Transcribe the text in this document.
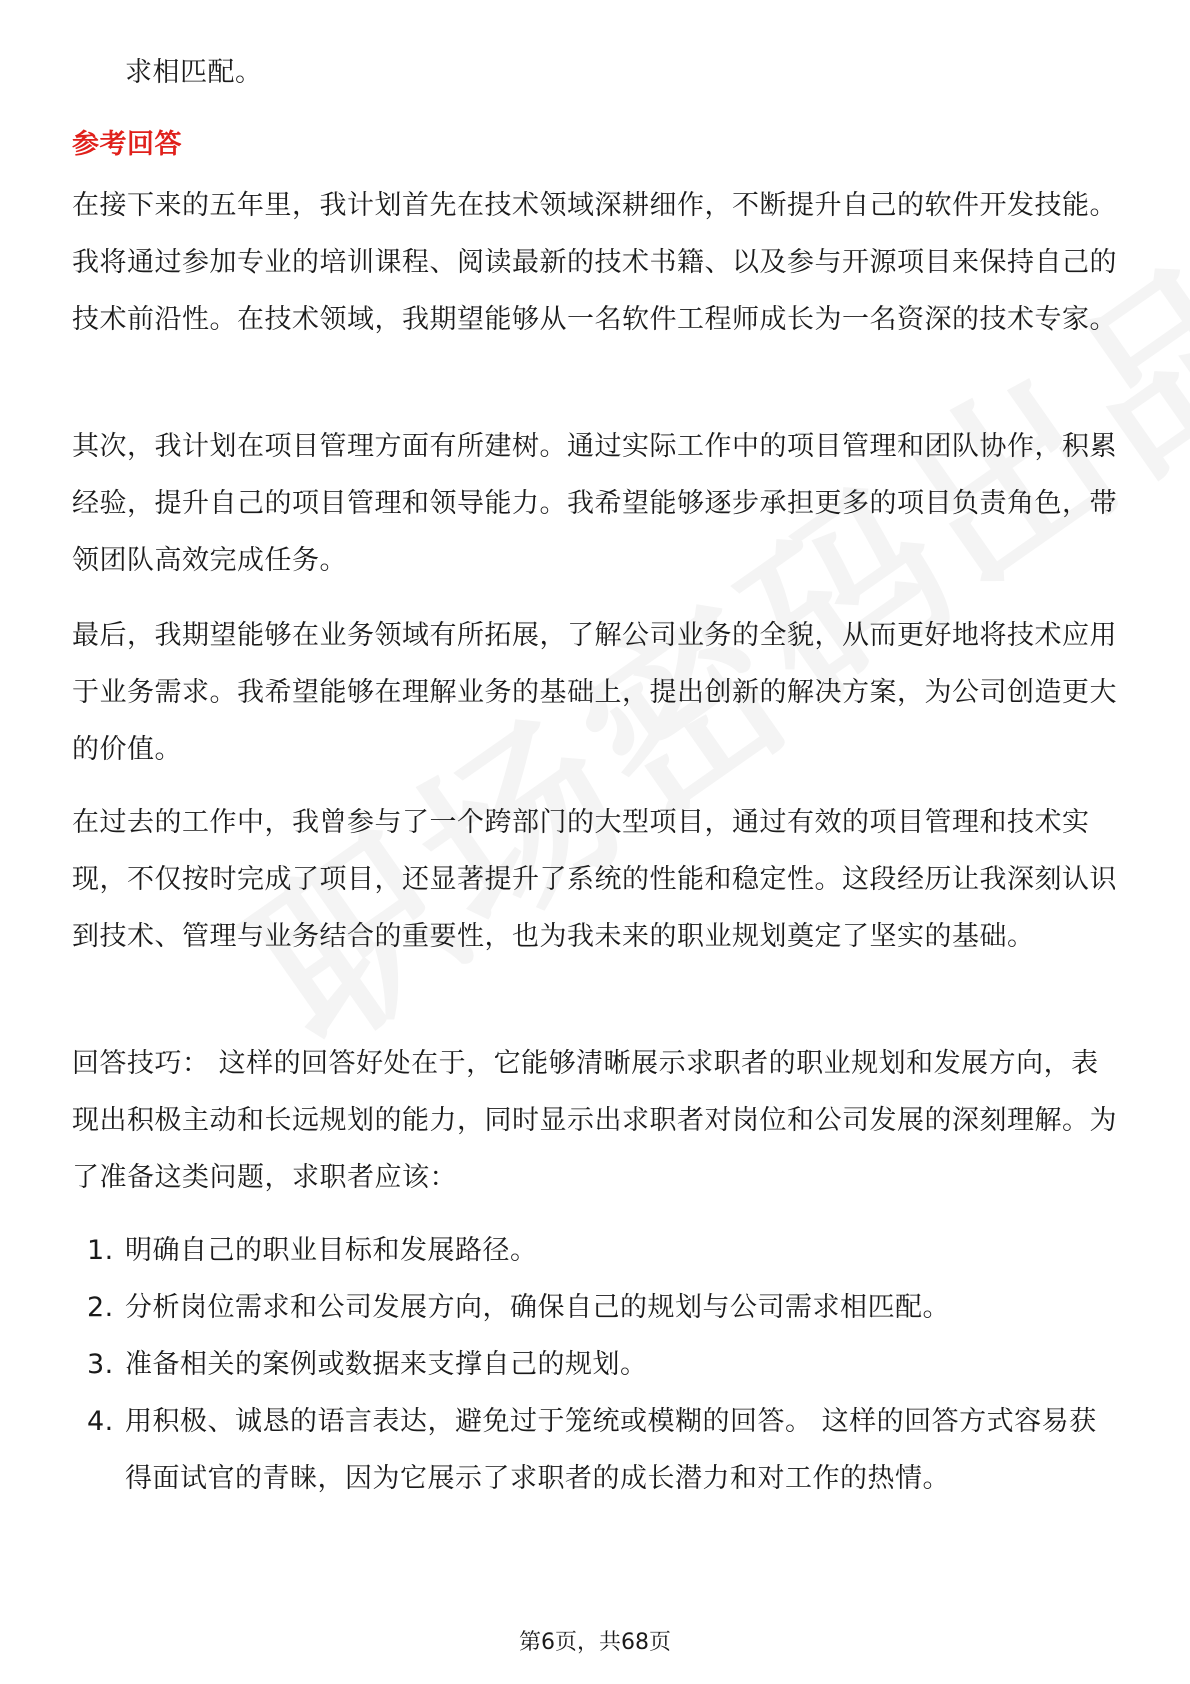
求相匹配。

参考回答

在接下来的五年里，我计划首先在技术领域深耕细作，不断提升自己的软件开发技能。我将通过参加专业的培训课程、阅读最新的技术书籍、以及参与开源项目来保持自己的技术前沿性。在技术领域，我期望能够从一名软件工程师成长为一名资深的技术专家。

其次，我计划在项目管理方面有所建树。通过实际工作中的项目管理和团队协作，积累经验，提升自己的项目管理和领导能力。我希望能够逐步承担更多的项目负责角色，带领团队高效完成任务。

最后，我期望能够在业务领域有所拓展，了解公司业务的全貌，从而更好地将技术应用于业务需求。我希望能够在理解业务的基础上，提出创新的解决方案，为公司创造更大的价值。

在过去的工作中，我曾参与了一个跨部门的大型项目，通过有效的项目管理和技术实现，不仅按时完成了项目，还显著提升了系统的性能和稳定性。这段经历让我深刻认识到技术、管理与业务结合的重要性，也为我未来的职业规划奠定了坚实的基础。

回答技巧： 这样的回答好处在于，它能够清晰展示求职者的职业规划和发展方向，表现出积极主动和长远规划的能力，同时显示出求职者对岗位和公司发展的深刻理解。为了准备这类问题，求职者应该：

1. 明确自己的职业目标和发展路径。
2. 分析岗位需求和公司发展方向，确保自己的规划与公司需求相匹配。
3. 准备相关的案例或数据来支撑自己的规划。
4. 用积极、诚恳的语言表达，避免过于笼统或模糊的回答。 这样的回答方式容易获得面试官的青睐，因为它展示了求职者的成长潜力和对工作的热情。
第6页，共68页
